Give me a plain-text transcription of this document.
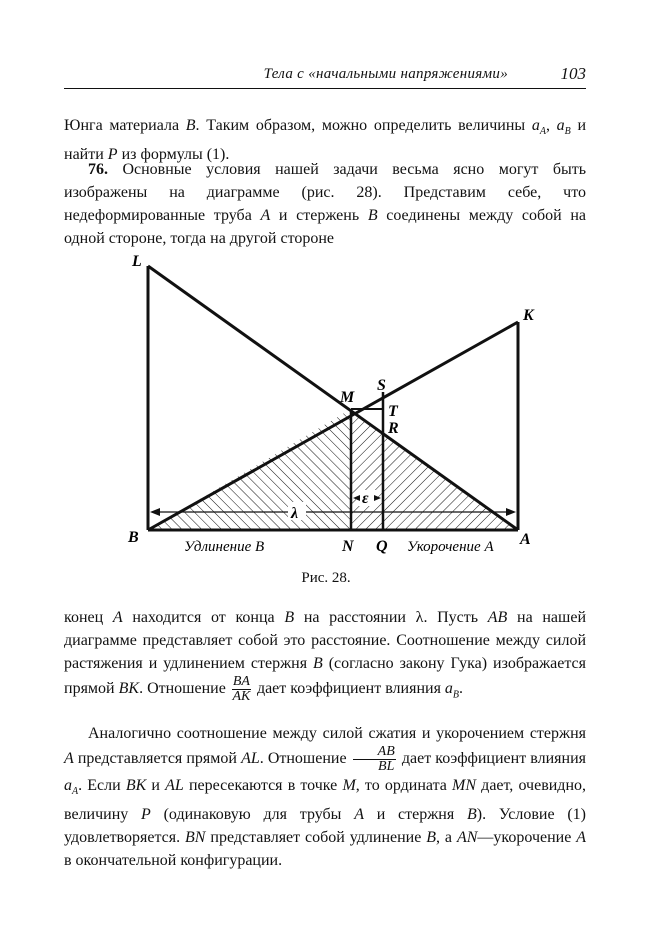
Тела с «начальными напряжениями»	103
Юнга материала B. Таким образом, можно определить величины $a_A$, $a_B$ и найти P из формулы (1).
76. Основные условия нашей задачи весьма ясно могут быть изображены на диаграмме (рис. 28). Представим себе, что недеформированные труба A и стержень B соединены между собой на одной стороне, тогда на другой стороне
L
K
M
S
T
R
B	A
N Q
λ
ε
Удлинение B	Укорочение A
Рис. 28.
конец A находится от конца B на расстоянии λ. Пусть AB на нашей диаграмме представляет собой это расстояние. Соотношение между силой растяжения и удлинением стержня B (согласно закону Гука) изображается прямой BK. Отношение $\frac{BA}{AK}$ дает коэффициент влияния $a_B$.
Аналогично соотношение между силой сжатия и укорочением стержня A представляется прямой AL. Отношение $\frac{AB}{BL}$ дает коэффициент влияния $a_A$. Если BK и AL пересекаются в точке M, то ордината MN дает, очевидно, величину P (одинаковую для трубы A и стержня B). Условие (1) удовлетворяется. BN представляет собой удлинение B, а AN—укорочение A в окончательной конфигурации.
